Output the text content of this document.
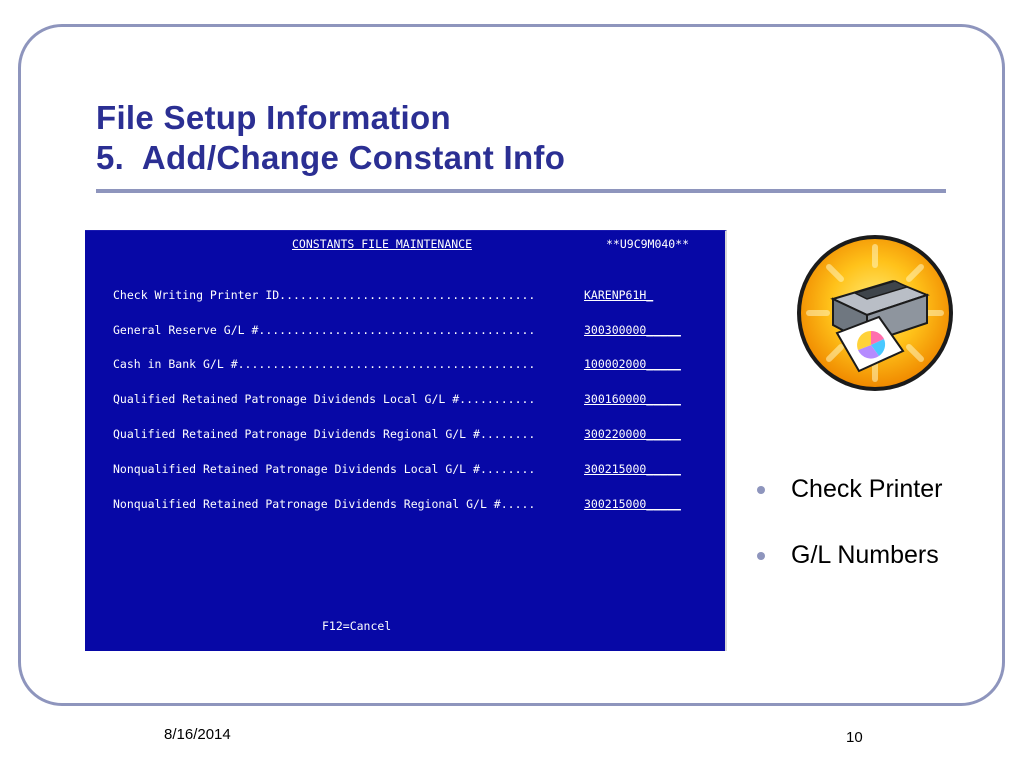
File Setup Information
5.  Add/Change Constant Info
CONSTANTS FILE MAINTENANCE	**U9C9M040**
Check Writing Printer ID.....................................	KARENP61H_
General Reserve G/L #........................................	300300000_____
Cash in Bank G/L #...........................................	100002000_____
Qualified Retained Patronage Dividends Local G/L #...........	300160000_____
Qualified Retained Patronage Dividends Regional G/L #........	300220000_____
Nonqualified Retained Patronage Dividends Local G/L #........	300215000_____
Nonqualified Retained Patronage Dividends Regional G/L #.....	300215000_____
F12=Cancel
Check Printer
G/L Numbers
8/16/2014	10
